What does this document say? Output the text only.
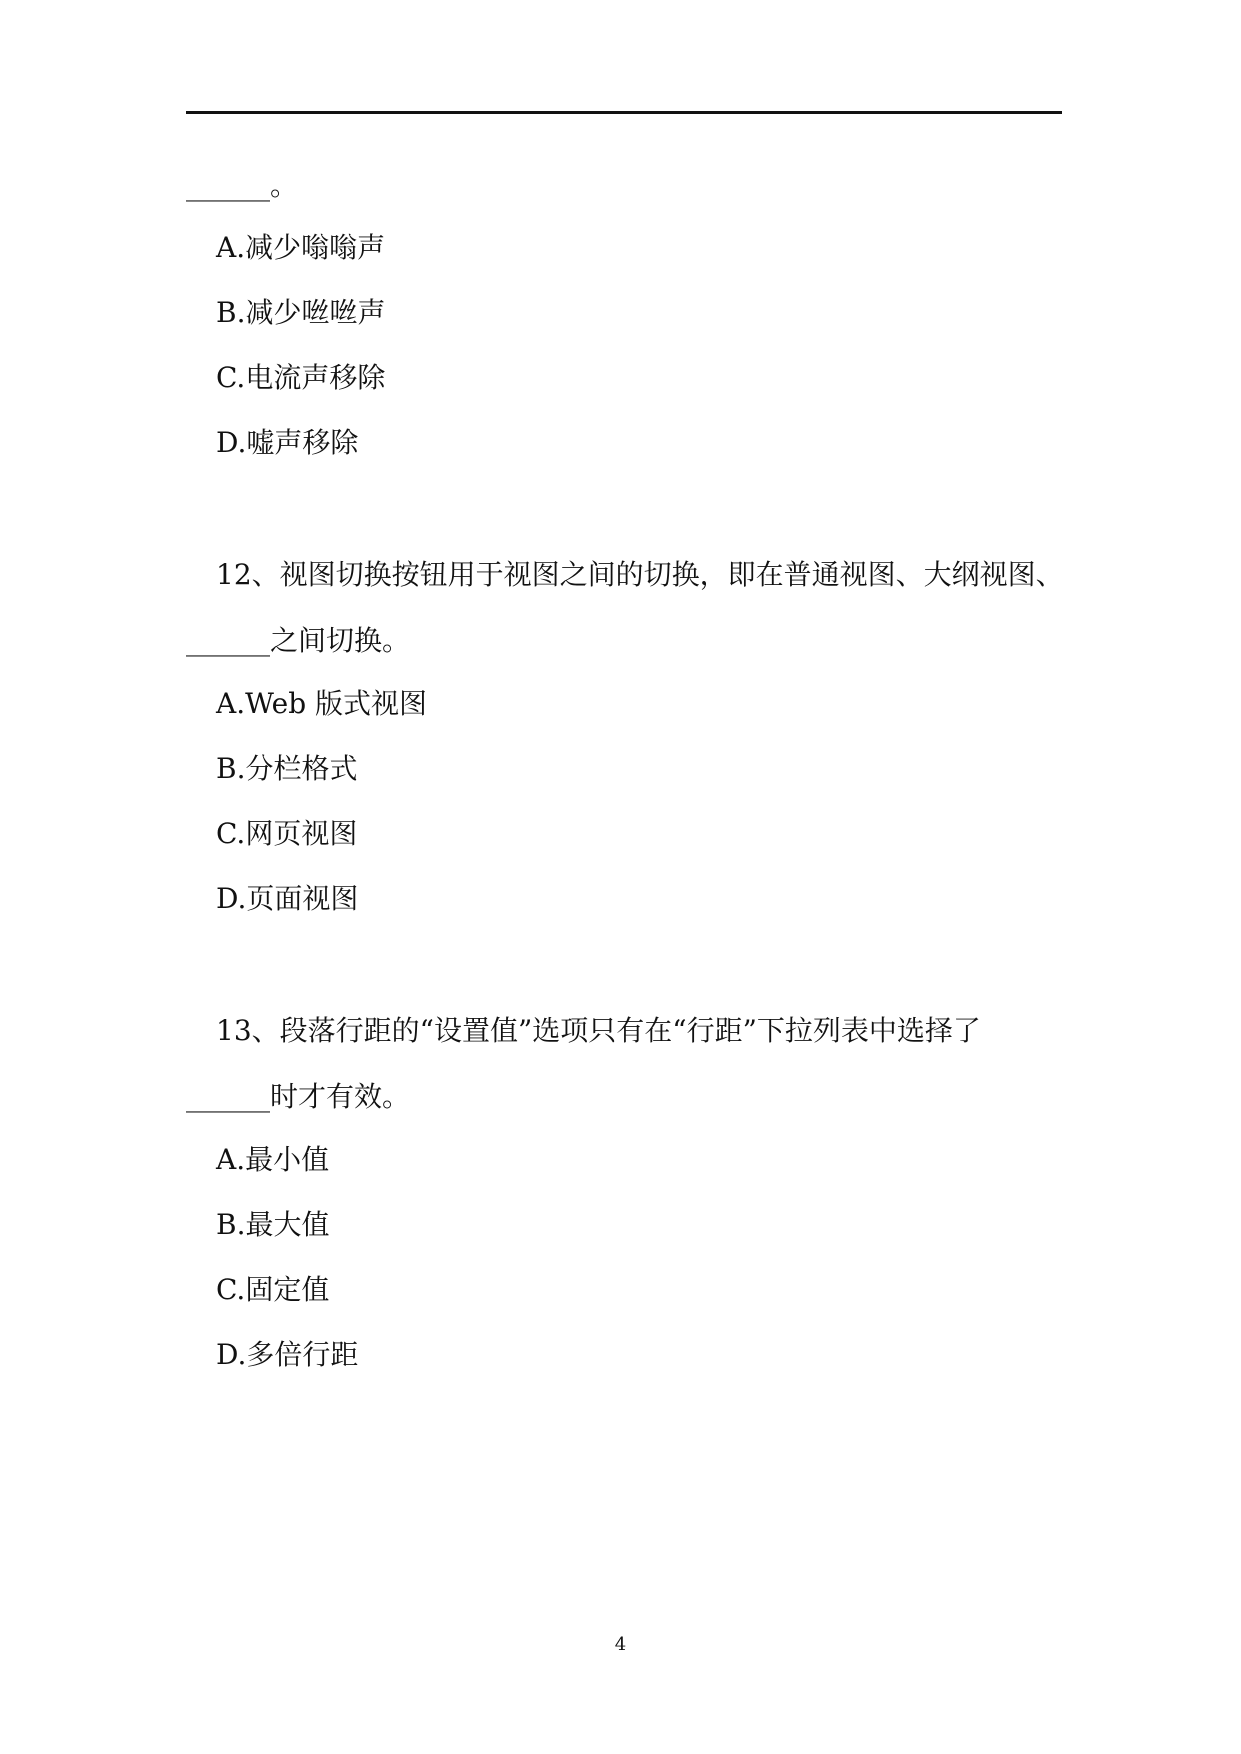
______。
A.减少嗡嗡声
B.减少咝咝声
C.电流声移除
D.嘘声移除
12、视图切换按钮用于视图之间的切换，即在普通视图、大纲视图、
______之间切换。
A.Web 版式视图
B.分栏格式
C.网页视图
D.页面视图
13、段落行距的“设置值”选项只有在“行距”下拉列表中选择了
______时才有效。
A.最小值
B.最大值
C.固定值
D.多倍行距
4
